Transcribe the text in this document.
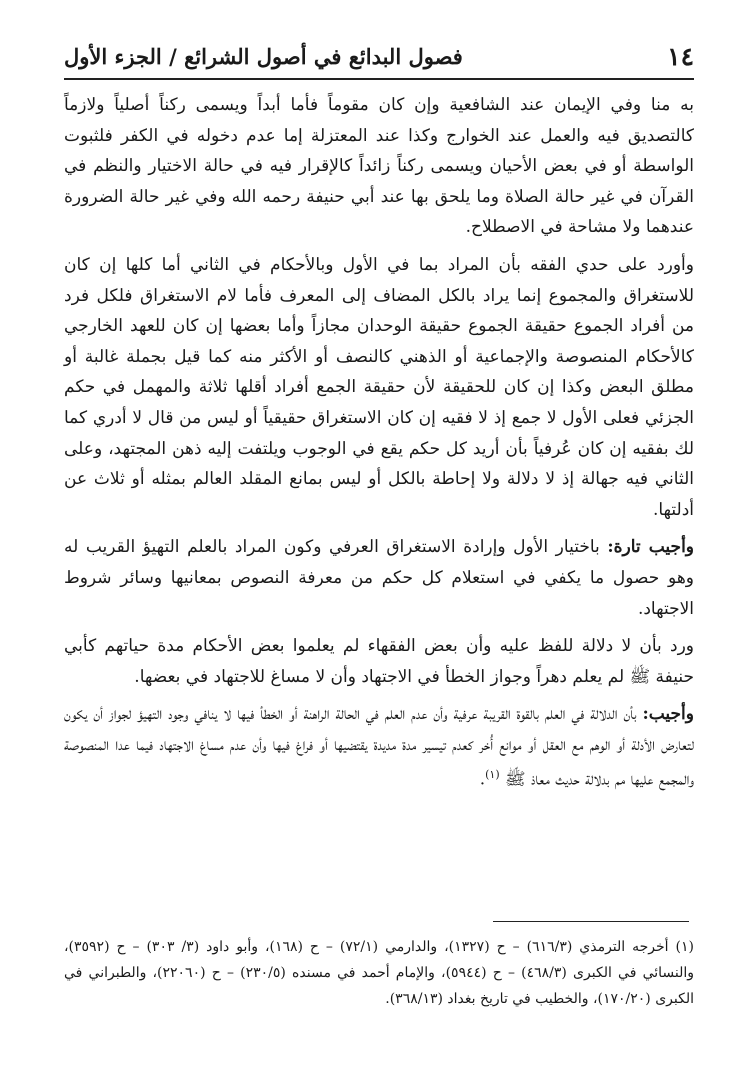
١٤
فصول البدائع في أصول الشرائع / الجزء الأول

به منا وفي الإيمان عند الشافعية وإن كان مقوماً فأما أبداً ويسمى ركناً أصلياً ولازماً كالتصديق فيه والعمل عند الخوارج وكذا عند المعتزلة إما عدم دخوله في الكفر فلثبوت الواسطة أو في بعض الأحيان ويسمى ركناً زائداً كالإقرار فيه في حالة الاختيار والنظم في القرآن في غير حالة الصلاة وما يلحق بها عند أبي حنيفة رحمه الله وفي غير حالة الضرورة عندهما ولا مشاحة في الاصطلاح.

وأورد على حدي الفقه بأن المراد بما في الأول وبالأحكام في الثاني أما كلها إن كان للاستغراق والمجموع إنما يراد بالكل المضاف إلى المعرف فأما لام الاستغراق فلكل فرد من أفراد الجموع حقيقة الجموع حقيقة الوحدان مجازاً وأما بعضها إن كان للعهد الخارجي كالأحكام المنصوصة والإجماعية أو الذهني كالنصف أو الأكثر منه كما قيل بجملة غالبة أو مطلق البعض وكذا إن كان للحقيقة لأن حقيقة الجمع أفراد أقلها ثلاثة والمهمل في حكم الجزئي فعلى الأول لا جمع إذ لا فقيه إن كان الاستغراق حقيقياً أو ليس من قال لا أدري كما لك بفقيه إن كان عُرفياً بأن أريد كل حكم يقع في الوجوب ويلتفت إليه ذهن المجتهد، وعلى الثاني فيه جهالة إذ لا دلالة ولا إحاطة بالكل أو ليس بمانع المقلد العالم بمثله أو ثلاث عن أدلتها.

وأجيب تارة: باختيار الأول وإرادة الاستغراق العرفي وكون المراد بالعلم التهيؤ القريب له وهو حصول ما يكفي في استعلام كل حكم من معرفة النصوص بمعانيها وسائر شروط الاجتهاد.

ورد بأن لا دلالة للفظ عليه وأن بعض الفقهاء لم يعلموا بعض الأحكام مدة حياتهم كأبي حنيفة ﷺ لم يعلم دهراً وجواز الخطأ في الاجتهاد وأن لا مساغ للاجتهاد في بعضها.

وأجيب: بأن الدلالة في العلم بالقوة القريبة عرفية وأن عدم العلم في الحالة الراهنة أو الخطأ فيها لا ينافي وجود التهيؤ لجواز أن يكون لتعارض الأدلة أو الوهم مع العقل أو موانع أُخر كعدم تيسير مدة مديدة يقتضيها أو فراغ فيها وأن عدم مساغ الاجتهاد فيما عدا المنصوصة والمجمع عليها مم بدلالة حديث معاذ ﷺ $^{(١)}$.

(١) أخرجه الترمذي (٦١٦/٣) – ح (١٣٢٧)، والدارمي (٧٢/١) – ح (١٦٨)، وأبو داود (٣/ ٣٠٣) – ح (٣٥٩٢)، والنسائي في الكبرى (٤٦٨/٣) – ح (٥٩٤٤)، والإمام أحمد في مسنده (٢٣٠/٥) – ح (٢٢٠٦٠)، والطبراني في الكبرى (١٧٠/٢٠)، والخطيب في تاريخ بغداد (٣٦٨/١٣).
